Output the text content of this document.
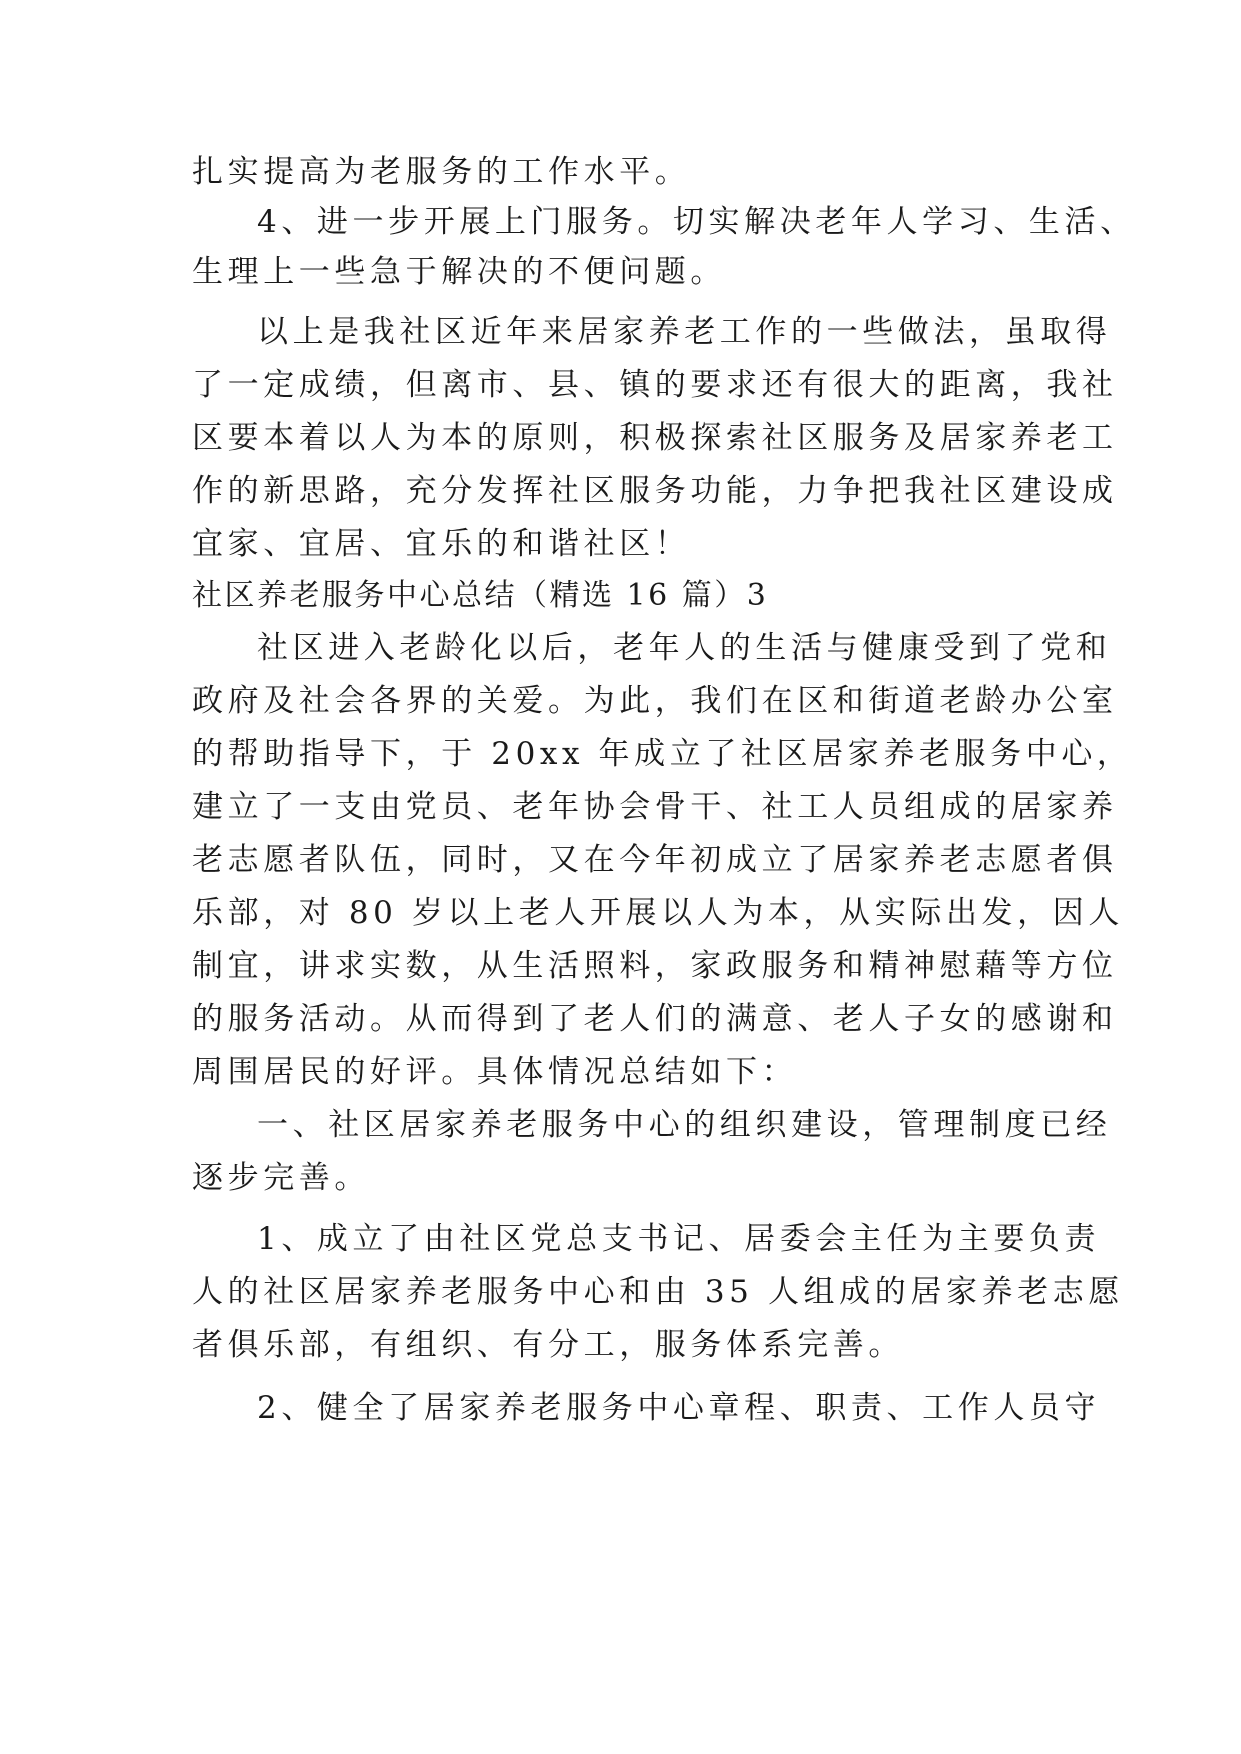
扎实提高为老服务的工作水平。
4、进一步开展上门服务。切实解决老年人学习、生活、
生理上一些急于解决的不便问题。
以上是我社区近年来居家养老工作的一些做法，虽取得
了一定成绩，但离市、县、镇的要求还有很大的距离，我社
区要本着以人为本的原则，积极探索社区服务及居家养老工
作的新思路，充分发挥社区服务功能，力争把我社区建设成
宜家、宜居、宜乐的和谐社区！
社区养老服务中心总结（精选 16 篇）3
社区进入老龄化以后，老年人的生活与健康受到了党和
政府及社会各界的关爱。为此，我们在区和街道老龄办公室
的帮助指导下，于 20xx 年成立了社区居家养老服务中心，
建立了一支由党员、老年协会骨干、社工人员组成的居家养
老志愿者队伍，同时，又在今年初成立了居家养老志愿者俱
乐部，对 80 岁以上老人开展以人为本，从实际出发，因人
制宜，讲求实数，从生活照料，家政服务和精神慰藉等方位
的服务活动。从而得到了老人们的满意、老人子女的感谢和
周围居民的好评。具体情况总结如下：
一、社区居家养老服务中心的组织建设，管理制度已经
逐步完善。
1、成立了由社区党总支书记、居委会主任为主要负责
人的社区居家养老服务中心和由 35 人组成的居家养老志愿
者俱乐部，有组织、有分工，服务体系完善。
2、健全了居家养老服务中心章程、职责、工作人员守
